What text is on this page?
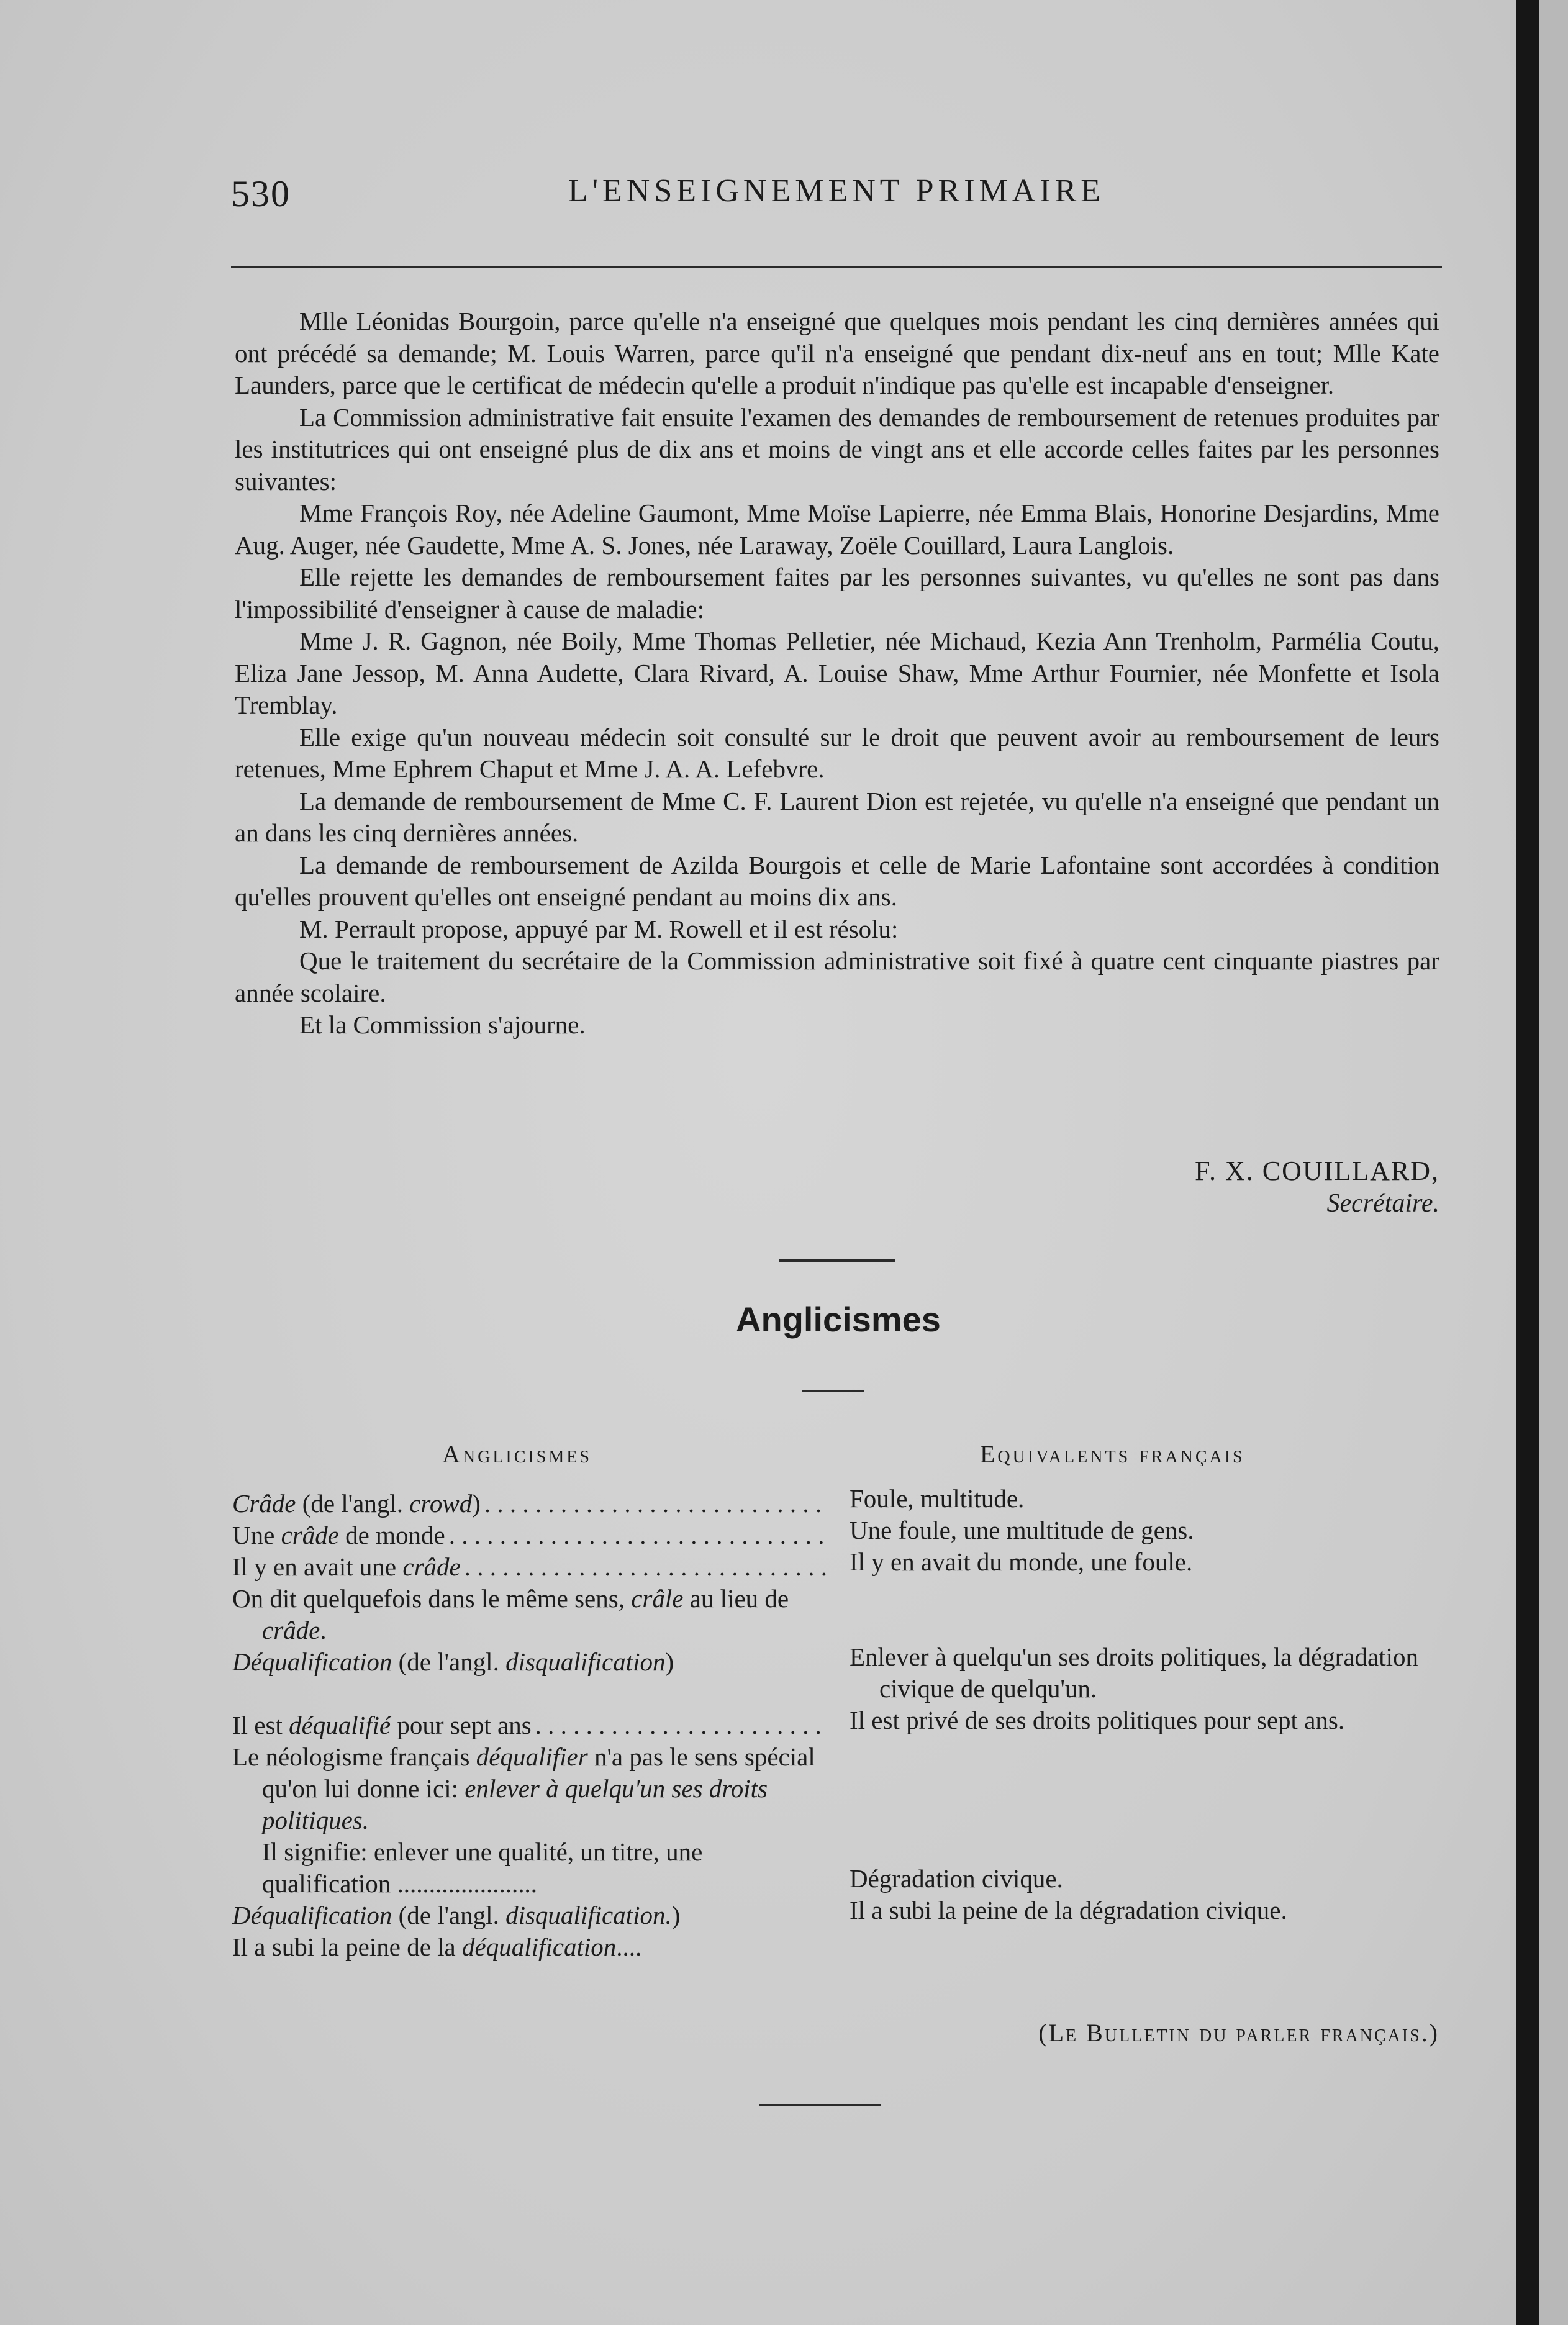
530	L'ENSEIGNEMENT PRIMAIRE

Mlle Léonidas Bourgoin, parce qu'elle n'a enseigné que quelques mois pendant les cinq dernières années qui ont précédé sa demande; M. Louis Warren, parce qu'il n'a enseigné que pendant dix-neuf ans en tout; Mlle Kate Launders, parce que le certificat de médecin qu'elle a produit n'indique pas qu'elle est incapable d'enseigner.

La Commission administrative fait ensuite l'examen des demandes de remboursement de retenues produites par les institutrices qui ont enseigné plus de dix ans et moins de vingt ans et elle accorde celles faites par les personnes suivantes:

Mme François Roy, née Adeline Gaumont, Mme Moïse Lapierre, née Emma Blais, Honorine Desjardins, Mme Aug. Auger, née Gaudette, Mme A. S. Jones, née Laraway, Zoële Couillard, Laura Langlois.

Elle rejette les demandes de remboursement faites par les personnes suivantes, vu qu'elles ne sont pas dans l'impossibilité d'enseigner à cause de maladie:

Mme J. R. Gagnon, née Boily, Mme Thomas Pelletier, née Michaud, Kezia Ann Trenholm, Parmélia Coutu, Eliza Jane Jessop, M. Anna Audette, Clara Rivard, A. Louise Shaw, Mme Arthur Fournier, née Monfette et Isola Tremblay.

Elle exige qu'un nouveau médecin soit consulté sur le droit que peuvent avoir au remboursement de leurs retenues, Mme Ephrem Chaput et Mme J. A. A. Lefebvre.

La demande de remboursement de Mme C. F. Laurent Dion est rejetée, vu qu'elle n'a enseigné que pendant un an dans les cinq dernières années.

La demande de remboursement de Azilda Bourgois et celle de Marie Lafontaine sont accordées à condition qu'elles prouvent qu'elles ont enseigné pendant au moins dix ans.

M. Perrault propose, appuyé par M. Rowell et il est résolu:

Que le traitement du secrétaire de la Commission administrative soit fixé à quatre cent cinquante piastres par année scolaire.

Et la Commission s'ajourne.

F. X. COUILLARD,
Secrétaire.
Anglicismes
Anglicismes	Equivalents français
Crâde (de l'angl. crowd)
. . .
Une crâde de monde
. . .
Il y en avait une crâde
. . .
On dit quelquefois dans le même sens, crâle au lieu de crâde.
Déqualification (de l'angl. disqualification)
Il est déqualifié pour sept ans
. . .
Le néologisme français déqualifier n'a pas le sens spécial qu'on lui donne ici: enlever à quelqu'un ses droits politiques.
Il signifie: enlever une qualité, un titre, une qualification ......................
Déqualification (de l'angl. disqualification.)
Il a subi la peine de la déqualification....
Foule, multitude.
Une foule, une multitude de gens.
Il y en avait du monde, une foule.
Enlever à quelqu'un ses droits politiques, la dégradation civique de quelqu'un.
Il est privé de ses droits politiques pour sept ans.
Dégradation civique.
Il a subi la peine de la dégradation civique.
(Le Bulletin du parler français.)
